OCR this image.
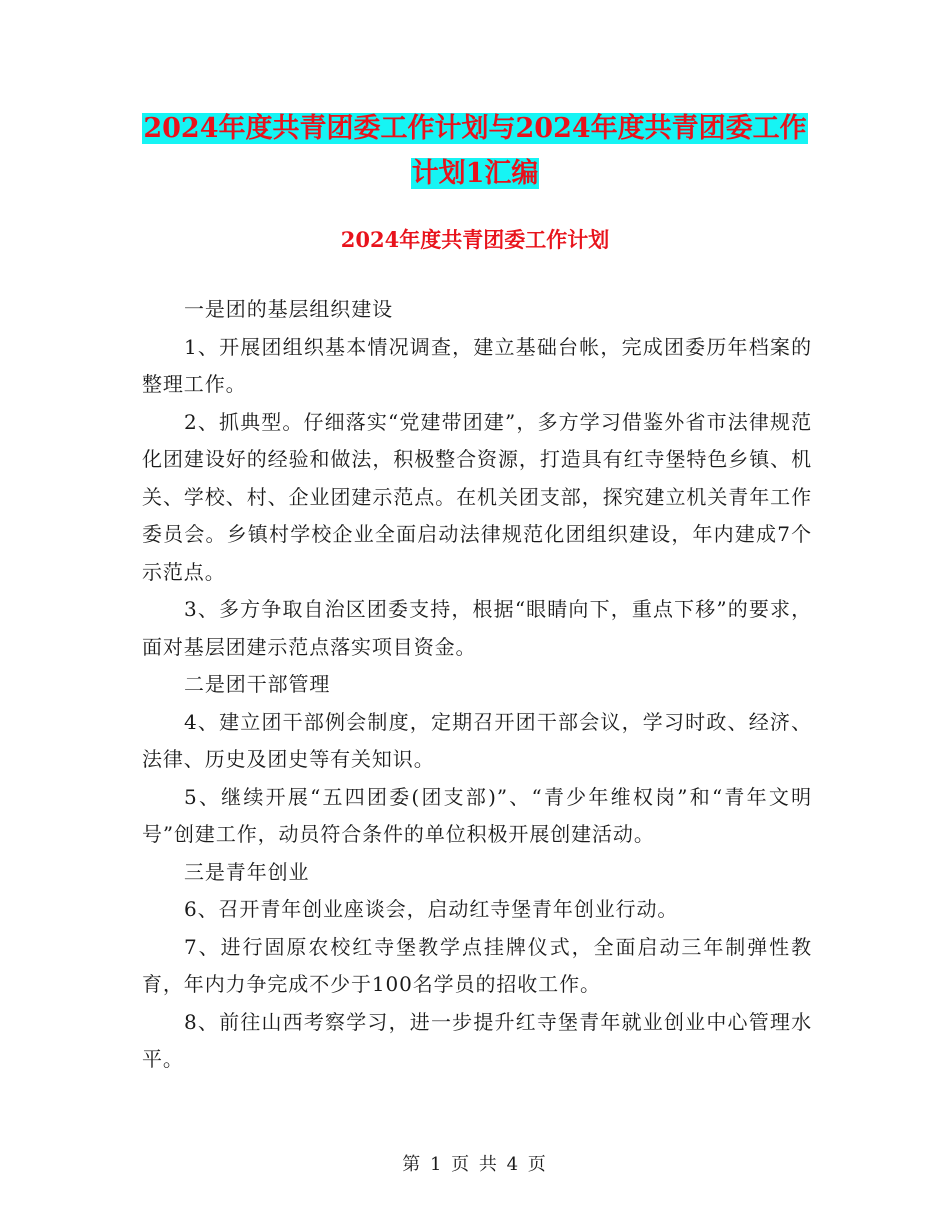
2024年度共青团委工作计划与2024年度共青团委工作
计划1汇编
2024年度共青团委工作计划

一是团的基层组织建设

1、开展团组织基本情况调查，建立基础台帐，完成团委历年档案的整理工作。

2、抓典型。仔细落实“党建带团建”，多方学习借鉴外省市法律规范化团建设好的经验和做法，积极整合资源，打造具有红寺堡特色乡镇、机关、学校、村、企业团建示范点。在机关团支部，探究建立机关青年工作委员会。乡镇村学校企业全面启动法律规范化团组织建设，年内建成7个示范点。

3、多方争取自治区团委支持，根据“眼睛向下，重点下移”的要求，面对基层团建示范点落实项目资金。

二是团干部管理

4、建立团干部例会制度，定期召开团干部会议，学习时政、经济、法律、历史及团史等有关知识。

5、继续开展“五四团委(团支部)”、“青少年维权岗”和“青年文明号”创建工作，动员符合条件的单位积极开展创建活动。

三是青年创业

6、召开青年创业座谈会，启动红寺堡青年创业行动。

7、进行固原农校红寺堡教学点挂牌仪式，全面启动三年制弹性教育，年内力争完成不少于100名学员的招收工作。

8、前往山西考察学习，进一步提升红寺堡青年就业创业中心管理水平。

第 1 页 共 4 页
